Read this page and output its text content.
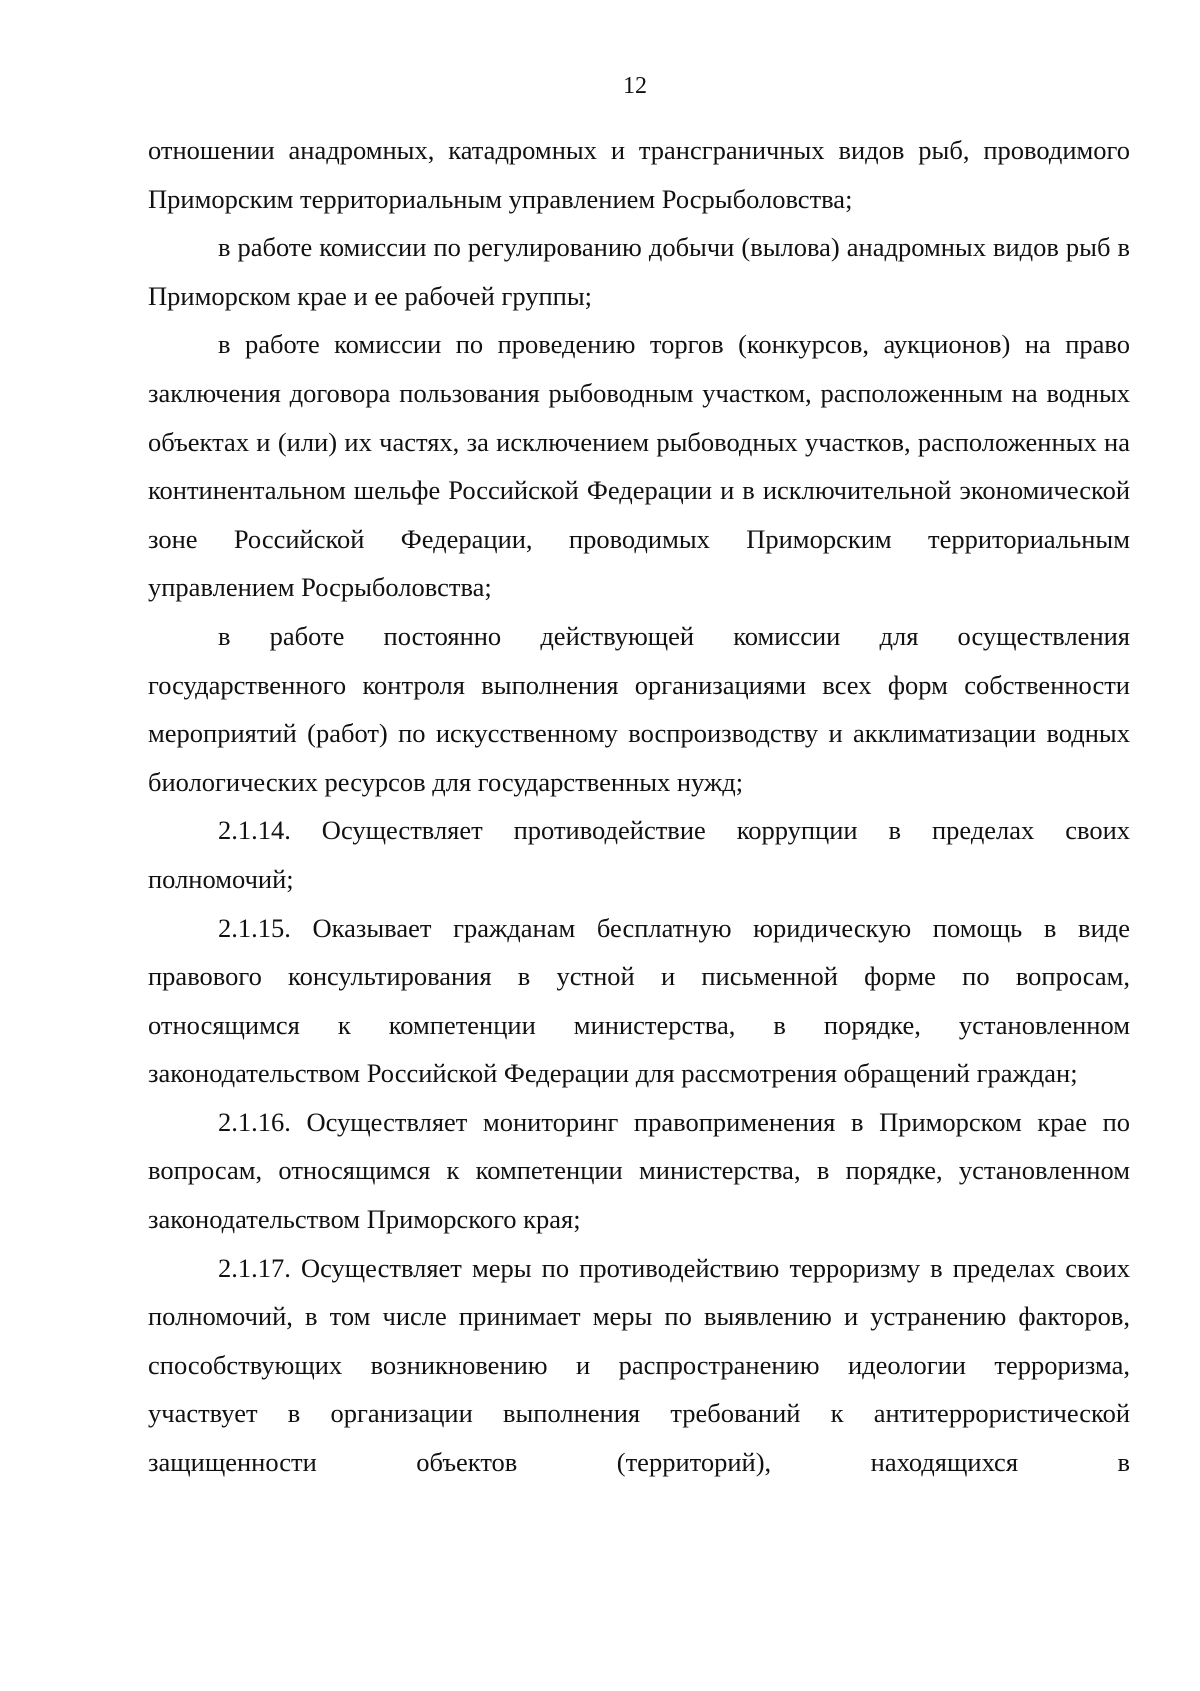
12

отношении анадромных, катадромных и трансграничных видов рыб, проводимого Приморским территориальным управлением Росрыболовства;

в работе комиссии по регулированию добычи (вылова) анадромных видов рыб в Приморском крае и ее рабочей группы;

в работе комиссии по проведению торгов (конкурсов, аукционов) на право заключения договора пользования рыбоводным участком, расположенным на водных объектах и (или) их частях, за исключением рыбоводных участков, расположенных на континентальном шельфе Российской Федерации и в исключительной экономической зоне Российской Федерации, проводимых Приморским территориальным управлением Росрыболовства;

в работе постоянно действующей комиссии для осуществления государственного контроля выполнения организациями всех форм собственности мероприятий (работ) по искусственному воспроизводству и акклиматизации водных биологических ресурсов для государственных нужд;

2.1.14. Осуществляет противодействие коррупции в пределах своих полномочий;

2.1.15. Оказывает гражданам бесплатную юридическую помощь в виде правового консультирования в устной и письменной форме по вопросам, относящимся к компетенции министерства, в порядке, установленном законодательством Российской Федерации для рассмотрения обращений граждан;

2.1.16. Осуществляет мониторинг правоприменения в Приморском крае по вопросам, относящимся к компетенции министерства, в порядке, установленном законодательством Приморского края;

2.1.17. Осуществляет меры по противодействию терроризму в пределах своих полномочий, в том числе принимает меры по выявлению и устранению факторов, способствующих возникновению и распространению идеологии терроризма, участвует в организации выполнения требований к антитеррористической защищенности объектов (территорий), находящихся в
